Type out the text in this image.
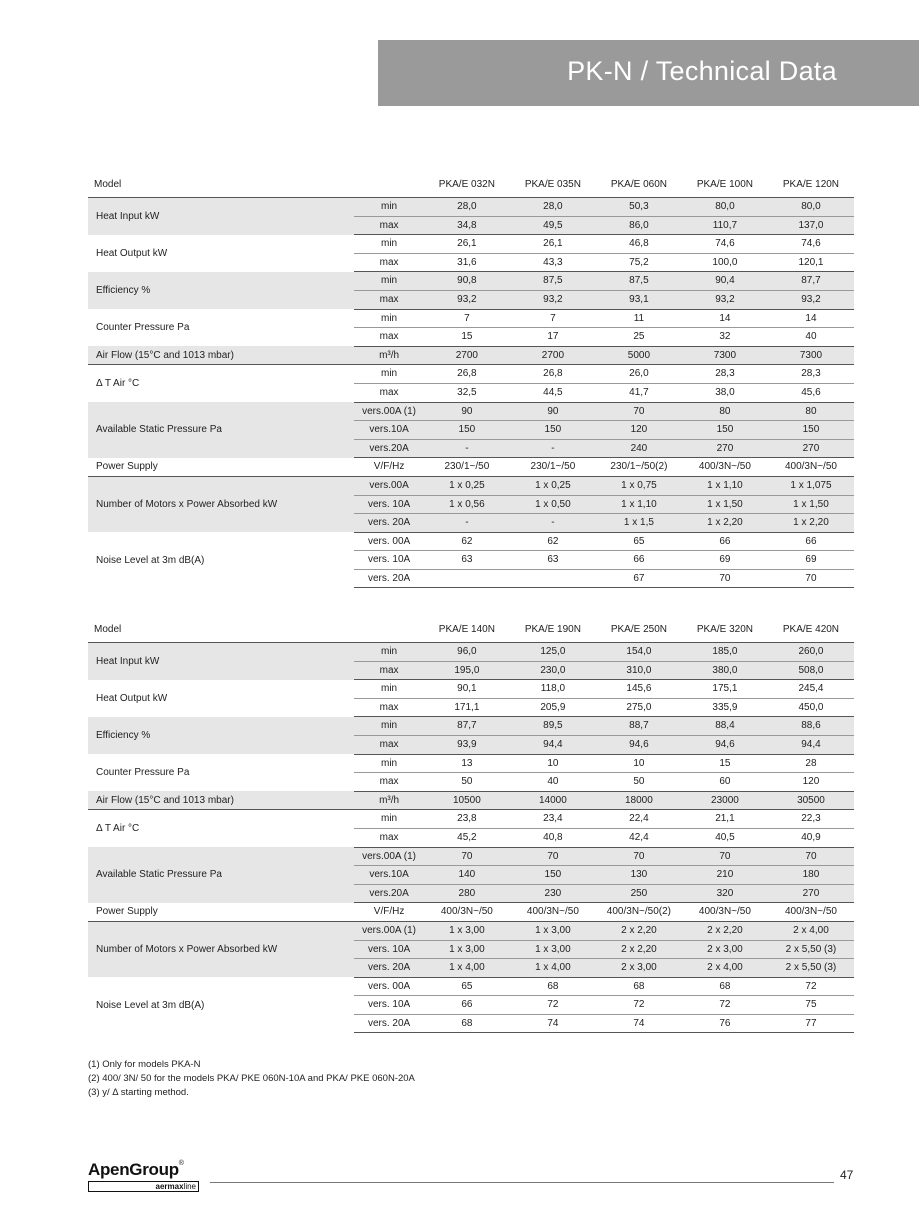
PK-N / Technical Data
Model		PKA/E 032N	PKA/E 035N	PKA/E 060N	PKA/E 100N	PKA/E 120N
Heat Input kW	min	28,0	28,0	50,3	80,0	80,0
	max	34,8	49,5	86,0	110,7	137,0
Heat Output kW	min	26,1	26,1	46,8	74,6	74,6
	max	31,6	43,3	75,2	100,0	120,1
Efficiency %	min	90,8	87,5	87,5	90,4	87,7
	max	93,2	93,2	93,1	93,2	93,2
Counter Pressure Pa	min	7	7	11	14	14
	max	15	17	25	32	40
Air Flow (15°C and 1013 mbar)	m³/h	2700	2700	5000	7300	7300
Δ T Air °C	min	26,8	26,8	26,0	28,3	28,3
	max	32,5	44,5	41,7	38,0	45,6
Available Static Pressure Pa	vers.00A (1)	90	90	70	80	80
	vers.10A	150	150	120	150	150
	vers.20A	-	-	240	270	270
Power Supply	V/F/Hz	230/1~/50	230/1~/50	230/1~/50(2)	400/3N~/50	400/3N~/50
Number of Motors x Power Absorbed kW	vers.00A	1 x 0,25	1 x 0,25	1 x 0,75	1 x 1,10	1 x 1,075
	vers. 10A	1 x 0,56	1 x 0,50	1 x 1,10	1 x 1,50	1 x 1,50
	vers. 20A	-	-	1 x 1,5	1 x 2,20	1 x 2,20
Noise Level at 3m dB(A)	vers. 00A	62	62	65	66	66
	vers. 10A	63	63	66	69	69
	vers. 20A			67	70	70
Model		PKA/E 140N	PKA/E 190N	PKA/E 250N	PKA/E 320N	PKA/E 420N
Heat Input kW	min	96,0	125,0	154,0	185,0	260,0
	max	195,0	230,0	310,0	380,0	508,0
Heat Output kW	min	90,1	118,0	145,6	175,1	245,4
	max	171,1	205,9	275,0	335,9	450,0
Efficiency %	min	87,7	89,5	88,7	88,4	88,6
	max	93,9	94,4	94,6	94,6	94,4
Counter Pressure Pa	min	13	10	10	15	28
	max	50	40	50	60	120
Air Flow (15°C and 1013 mbar)	m³/h	10500	14000	18000	23000	30500
Δ T Air °C	min	23,8	23,4	22,4	21,1	22,3
	max	45,2	40,8	42,4	40,5	40,9
Available Static Pressure Pa	vers.00A (1)	70	70	70	70	70
	vers.10A	140	150	130	210	180
	vers.20A	280	230	250	320	270
Power Supply	V/F/Hz	400/3N~/50	400/3N~/50	400/3N~/50(2)	400/3N~/50	400/3N~/50
Number of Motors x Power Absorbed kW	vers.00A (1)	1 x 3,00	1 x 3,00	2 x 2,20	2 x 2,20	2 x 4,00
	vers. 10A	1 x 3,00	1 x 3,00	2 x 2,20	2 x 3,00	2 x 5,50 (3)
	vers. 20A	1 x 4,00	1 x 4,00	2 x 3,00	2 x 4,00	2 x 5,50 (3)
Noise Level at 3m dB(A)	vers. 00A	65	68	68	68	72
	vers. 10A	66	72	72	72	75
	vers. 20A	68	74	74	76	77
(1) Only for models PKA-N
(2) 400/ 3N/ 50 for the models PKA/ PKE 060N-10A and PKA/ PKE 060N-20A
(3) y/ Δ starting method.
ApenGroup®
aermaxline
47
